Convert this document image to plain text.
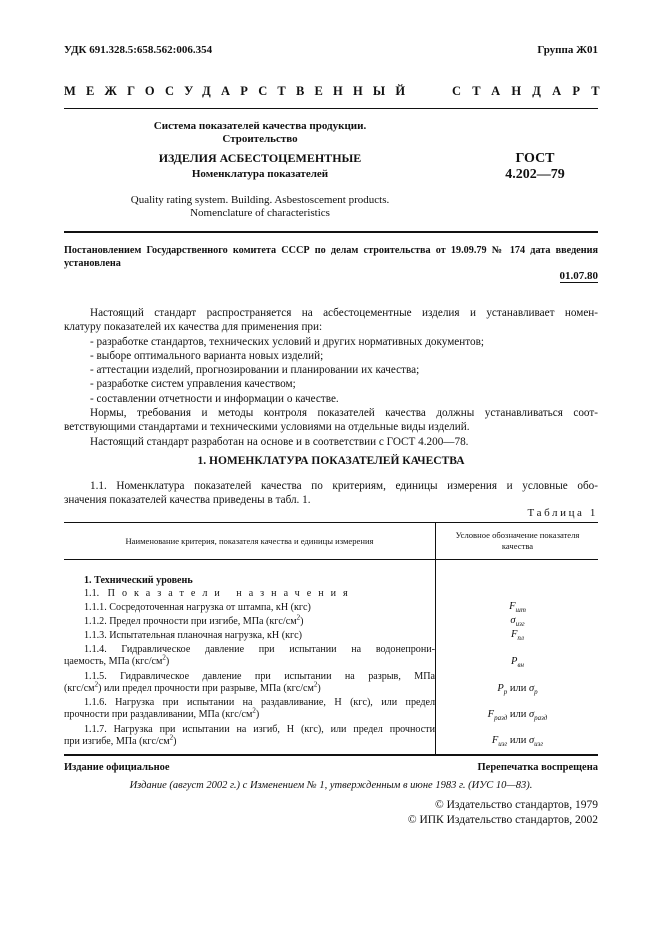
УДК 691.328.5:658.562:006.354	Группа Ж01
МЕЖГОСУДАРСТВЕННЫЙ	СТАНДАРТ
Система показателей качества продукции.
Строительство
ИЗДЕЛИЯ АСБЕСТОЦЕМЕНТНЫЕ
Номенклатура показателей
ГОСТ
4.202—79
Quality rating system. Building. Asbestoscement products.
Nomenclature of characteristics
Постановлением Государственного комитета СССР по делам строительства от 19.09.79 № 174 дата введения
установлена
01.07.80
Настоящий стандарт распространяется на асбестоцементные изделия и устанавливает номен-
клатуру показателей их качества для применения при:
- разработке стандартов, технических условий и других нормативных документов;
- выборе оптимального варианта новых изделий;
- аттестации изделий, прогнозировании и планировании их качества;
- разработке систем управления качеством;
- составлении отчетности и информации о качестве.
Нормы, требования и методы контроля показателей качества должны устанавливаться соот-
ветствующими стандартами и техническими условиями на отдельные виды изделий.
Настоящий стандарт разработан на основе и в соответствии с ГОСТ 4.200—78.
1. НОМЕНКЛАТУРА ПОКАЗАТЕЛЕЙ КАЧЕСТВА
1.1. Номенклатура показателей качества по критериям, единицы измерения и условные обо-
значения показателей качества приведены в табл. 1.
Таблица 1
Наименование критерия, показателя качества и единицы измерения
Условное обозначение показателя
качества
1. Технический уровень
1.1. Показатели назначения
1.1.1. Сосредоточенная нагрузка от штампа, кН (кгс)	$F_{шт}$
1.1.2. Предел прочности при изгибе, МПа $(кгс/см^2)$	$\sigma_{изг}$
1.1.3. Испытательная планочная нагрузка, кН (кгс)	$F_{пл}$
1.1.4. Гидравлическое давление при испытании на водонепрони-
цаемость, МПа $(кгс/см^2)$	$P_{вн}$
1.1.5. Гидравлическое давление при испытании на разрыв, МПа
$(кгс/см^2)$ или предел прочности при разрыве, МПа $(кгс/см^2)$	$P_р$ или $\sigma_р$
1.1.6. Нагрузка при испытании на раздавливание, Н (кгс), или предел
прочности при раздавливании, МПа $(кгс/см^2)$	$F_{разд}$ или $\sigma_{разд}$
1.1.7. Нагрузка при испытании на изгиб, Н (кгс), или предел прочности
при изгибе, МПа $(кгс/см^2)$	$F_{изг}$ или $\sigma_{изг}$
Издание официальное	Перепечатка воспрещена
Издание (август 2002 г.) с Изменением № 1, утвержденным в июне 1983 г. (ИУС 10—83).
© Издательство стандартов, 1979
© ИПК Издательство стандартов, 2002
